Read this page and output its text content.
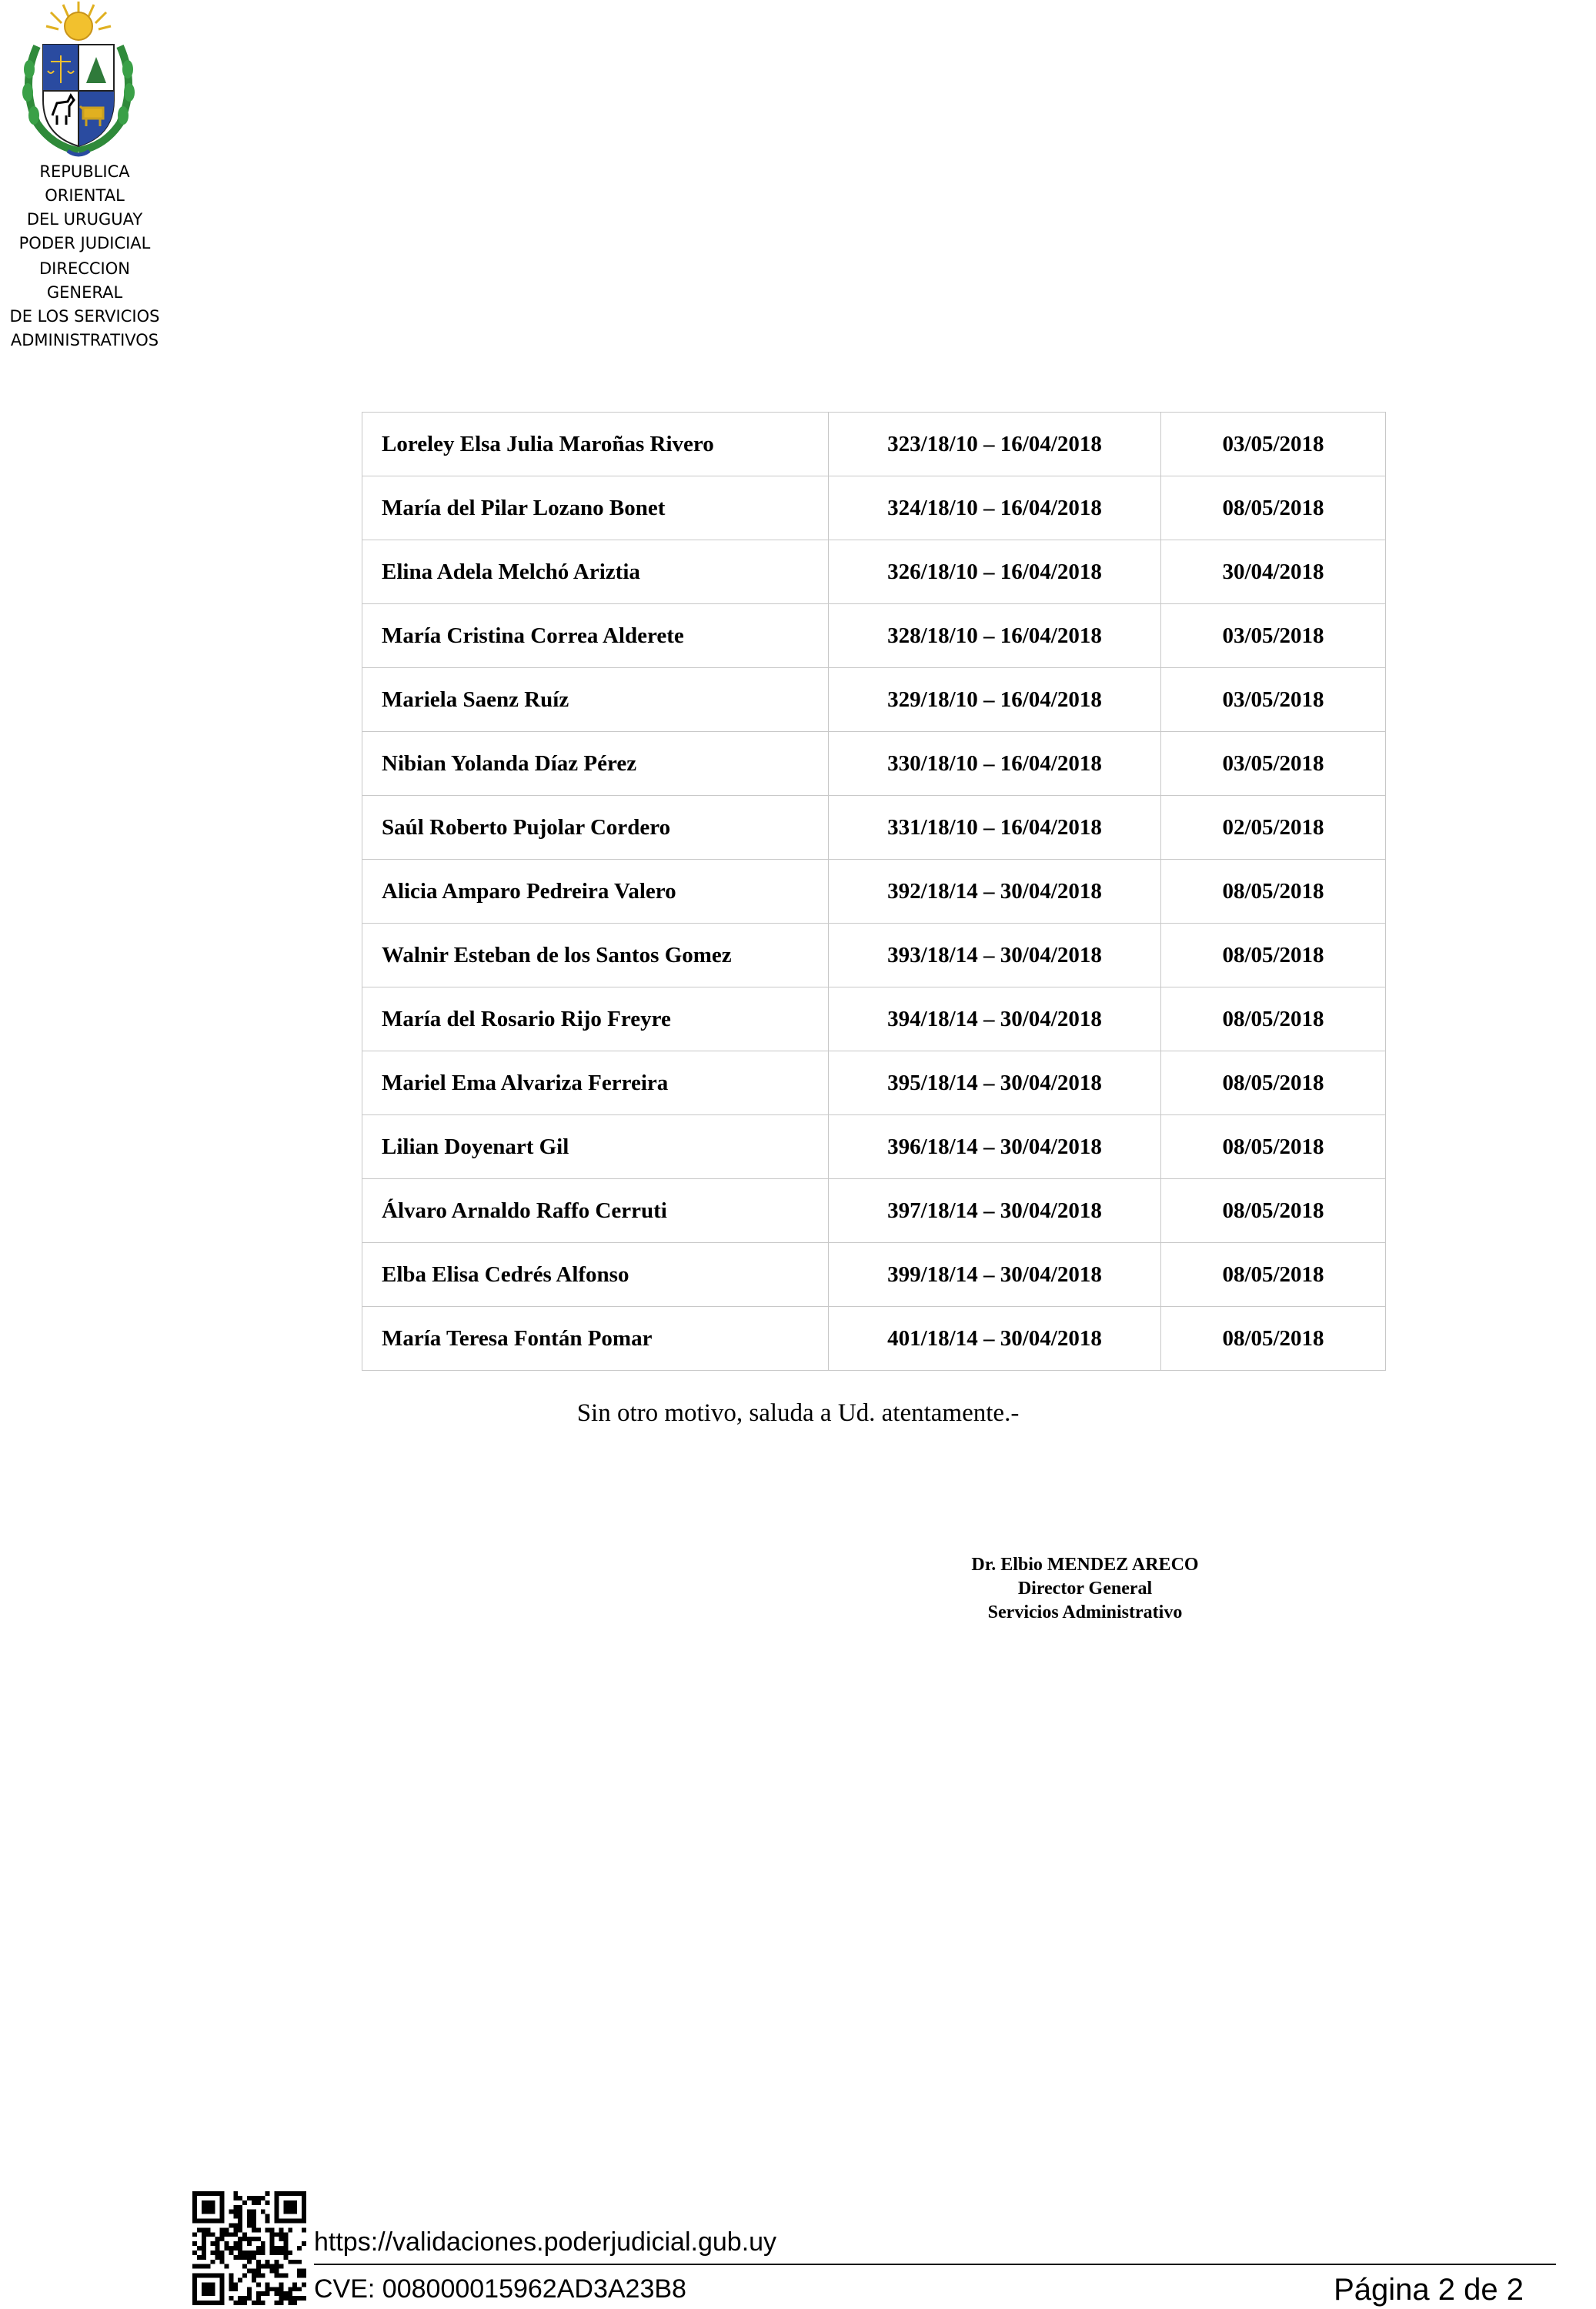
REPUBLICA ORIENTAL
DEL URUGUAY
PODER JUDICIAL
DIRECCION GENERAL
DE LOS SERVICIOS
ADMINISTRATIVOS
Loreley Elsa Julia Maroñas Rivero	323/18/10 – 16/04/2018	03/05/2018
María del Pilar Lozano Bonet	324/18/10 – 16/04/2018	08/05/2018
Elina Adela Melchó Ariztia	326/18/10 – 16/04/2018	30/04/2018
María Cristina Correa Alderete	328/18/10 – 16/04/2018	03/05/2018
Mariela Saenz Ruíz	329/18/10 – 16/04/2018	03/05/2018
Nibian Yolanda Díaz Pérez	330/18/10 – 16/04/2018	03/05/2018
Saúl Roberto Pujolar Cordero	331/18/10 – 16/04/2018	02/05/2018
Alicia Amparo Pedreira Valero	392/18/14 – 30/04/2018	08/05/2018
Walnir Esteban de los Santos Gomez	393/18/14 – 30/04/2018	08/05/2018
María del Rosario Rijo Freyre	394/18/14 – 30/04/2018	08/05/2018
Mariel Ema Alvariza Ferreira	395/18/14 – 30/04/2018	08/05/2018
Lilian Doyenart Gil	396/18/14 – 30/04/2018	08/05/2018
Álvaro Arnaldo Raffo Cerruti	397/18/14 – 30/04/2018	08/05/2018
Elba Elisa Cedrés Alfonso	399/18/14 – 30/04/2018	08/05/2018
María Teresa Fontán Pomar	401/18/14 – 30/04/2018	08/05/2018
Sin otro motivo, saluda a Ud. atentamente.-
Dr. Elbio MENDEZ ARECO
Director General
Servicios Administrativo
https://validaciones.poderjudicial.gub.uy
CVE: 008000015962AD3A23B8	Página 2 de 2
